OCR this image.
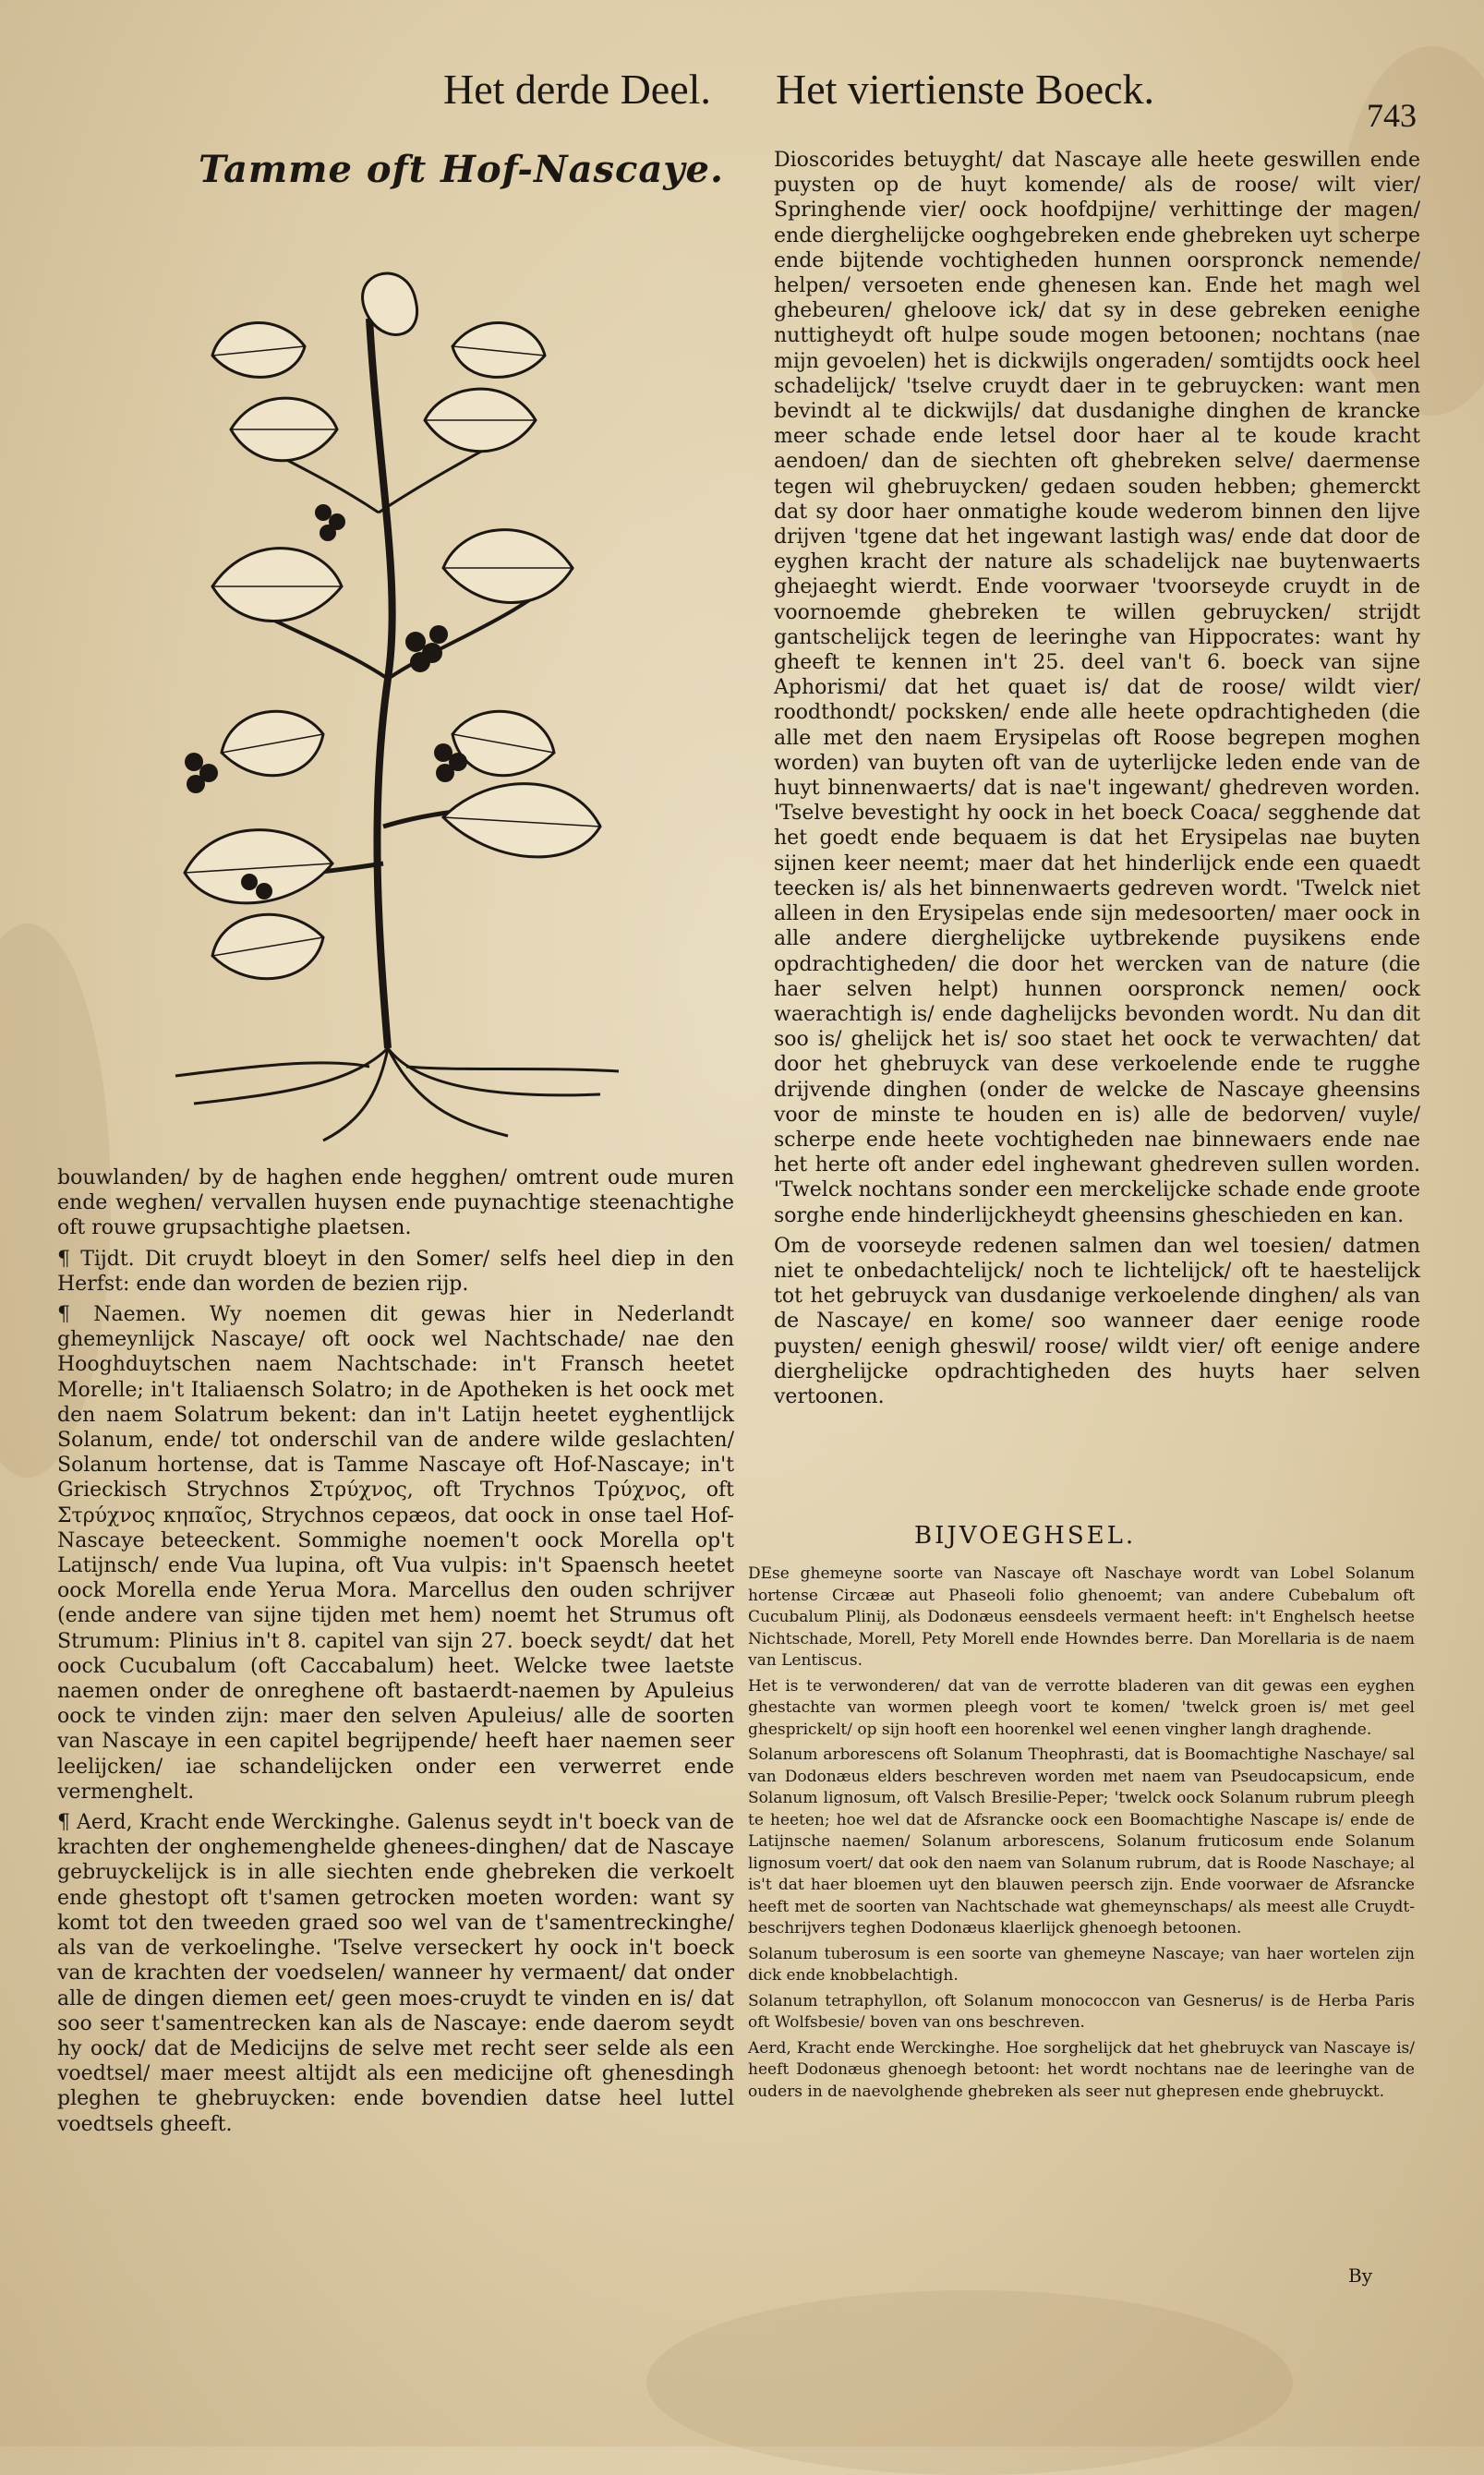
Het derde Deel. Het viertienste Boeck.
743
Tamme oft Hof-Nascaye. Dioscorides betuyght/ dat Nascaye alle heete geswillen ende puysten op de huyt komende/ als de roose/ wilt vier/ Springhende vier/ oock hoofdpijne/ verhittinge der magen/ ende dierghelijcke ooghgebreken ende ghebreken uyt scherpe ende bijtende vochtigheden hunnen oorspronck nemende/ helpen/ versoeten ende ghenesen kan. Ende het magh wel ghebeuren/ gheloove ick/ dat sy in dese gebreken eenighe nuttigheydt oft hulpe soude mogen betoonen; nochtans (nae mijn gevoelen) het is dickwijls ongeraden/ somtijdts oock heel schadelijck/ 'tselve cruydt daer in te gebruycken: want men bevindt al te dickwijls/ dat dusdanighe dinghen de krancke meer schade ende letsel door haer al te koude kracht aendoen/ dan de siechten oft ghebreken selve/ daermense tegen wil ghebruycken/ gedaen souden hebben; ghemerckt dat sy door haer onmatighe koude wederom binnen den lijve drijven 'tgene dat het ingewant lastigh was/ ende dat door de eyghen kracht der nature als schadelijck nae buytenwaerts ghejaeght wierdt. Ende voorwaer 'tvoorseyde cruydt in de voornoemde ghebreken te willen gebruycken/ strijdt gantschelijck tegen de leeringhe van Hippocrates: want hy gheeft te kennen in't 25. deel van't 6. boeck van sijne Aphorismi/ dat het quaet is/ dat de roose/ wildt vier/ roodthondt/ pocksken/ ende alle heete opdrachtigheden (die alle met den naem Erysipelas oft Roose begrepen moghen worden) van buyten oft van de uyterlijcke leden ende van de huyt binnenwaerts/ dat is nae't ingewant/ ghedreven worden. 'Tselve bevestight hy oock in het boeck Coaca/ segghende dat het goedt ende bequaem is dat het Erysipelas nae buyten sijnen keer neemt; maer dat het hinderlijck ende een quaedt teecken is/ als het binnenwaerts gedreven wordt. 'Twelck niet alleen in den Erysipelas ende sijn medesoorten/ maer oock in alle andere dierghelijcke uytbrekende puysikens ende opdrachtigheden/ die door het wercken van de nature (die haer selven helpt) hunnen oorspronck nemen/ oock waerachtigh is/ ende daghelijcks bevonden wordt. Nu dan dit soo is/ ghelijck het is/ soo staet het oock te verwachten/ dat door het ghebruyck van dese verkoelende ende te rugghe drijvende dinghen (onder de welcke de Nascaye gheensins voor de minste te houden en is) alle de bedorven/ vuyle/ scherpe ende heete vochtigheden nae binnewaers ende nae het herte oft ander edel inghewant ghedreven sullen worden. 'Twelck nochtans sonder een merckelijcke schade ende groote sorghe ende hinderlijckheydt gheensins gheschieden en kan.

Om de voorseyde redenen salmen dan wel toesien/ datmen niet te onbedachtelijck/ noch te lichtelijck/ oft te haestelijck tot het gebruyck van dusdanige verkoelende dinghen/ als van de Nascaye/ en kome/ soo wanneer daer eenige roode puysten/ eenigh gheswil/ roose/ wildt vier/ oft eenige andere dierghelijcke opdrachtigheden des huyts haer selven vertoonen.

BIJVOEGHSEL.

DEse ghemeyne soorte van Nascaye oft Naschaye wordt van Lobel Solanum hortense Circææ aut Phaseoli folio ghenoemt; van andere Cubebalum oft Cucubalum Plinij, als Dodonæus eensdeels vermaent heeft: in't Enghelsch heetse Nichtschade, Morell, Pety Morell ende Howndes berre. Dan Morellaria is de naem van Lentiscus.

Het is te verwonderen/ dat van de verrotte bladeren van dit gewas een eyghen ghestachte van wormen pleegh voort te komen/ 'twelck groen is/ met geel ghesprickelt/ op sijn hooft een hoorenkel wel eenen vingher langh draghende.

Solanum arborescens oft Solanum Theophrasti, dat is Boomachtighe Naschaye/ sal van Dodonæus elders beschreven worden met naem van Pseudocapsicum, ende Solanum lignosum, oft Valsch Bresilie-Peper; 'twelck oock Solanum rubrum pleegh te heeten; hoe wel dat de Afsrancke oock een Boomachtighe Nascape is/ ende de Latijnsche naemen/ Solanum arborescens, Solanum fruticosum ende Solanum lignosum voert/ dat ook den naem van Solanum rubrum, dat is Roode Naschaye; al is't dat haer bloemen uyt den blauwen peersch zijn. Ende voorwaer de Afsrancke heeft met de soorten van Nachtschade wat ghemeynschaps/ als meest alle Cruydt-beschrijvers teghen Dodonæus klaerlijck ghenoegh betoonen.

Solanum tuberosum is een soorte van ghemeyne Nascaye; van haer wortelen zijn dick ende knobbelachtigh.

Solanum tetraphyllon, oft Solanum monococcon van Gesnerus/ is de Herba Paris oft Wolfsbesie/ boven van ons beschreven.

Aerd, Kracht ende Werckinghe. Hoe sorghelijck dat het ghebruyck van Nascaye is/ heeft Dodonæus ghenoegh betoont: het wordt nochtans nae de leeringhe van de ouders in de naevolghende ghebreken als seer nut ghepresen ende ghebruyckt.

bouwlanden/ by de haghen ende hegghen/ omtrent oude muren ende weghen/ vervallen huysen ende puynachtige steenachtighe oft rouwe grupsachtighe plaetsen.

¶ Tijdt. Dit cruydt bloeyt in den Somer/ selfs heel diep in den Herfst: ende dan worden de bezien rijp.

¶ Naemen. Wy noemen dit gewas hier in Nederlandt ghemeynlijck Nascaye/ oft oock wel Nachtschade/ nae den Hooghduytschen naem Nachtschade: in't Fransch heetet Morelle; in't Italiaensch Solatro; in de Apotheken is het oock met den naem Solatrum bekent: dan in't Latijn heetet eyghentlijck Solanum, ende/ tot onderschil van de andere wilde geslachten/ Solanum hortense, dat is Tamme Nascaye oft Hof-Nascaye; in't Grieckisch Strychnos Στρύχνος, oft Trychnos Τρύχνος, oft Στρύχνος κηπαῖος, Strychnos cepæos, dat oock in onse tael Hof-Nascaye beteeckent. Sommighe noemen't oock Morella op't Latijnsch/ ende Vua lupina, oft Vua vulpis: in't Spaensch heetet oock Morella ende Yerua Mora. Marcellus den ouden schrijver (ende andere van sijne tijden met hem) noemt het Strumus oft Strumum: Plinius in't 8. capitel van sijn 27. boeck seydt/ dat het oock Cucubalum (oft Caccabalum) heet. Welcke twee laetste naemen onder de onreghene oft bastaerdt-naemen by Apuleius oock te vinden zijn: maer den selven Apuleius/ alle de soorten van Nascaye in een capitel begrijpende/ heeft haer naemen seer leelijcken/ iae schandelijcken onder een verwerret ende vermenghelt.

¶ Aerd, Kracht ende Werckinghe. Galenus seydt in't boeck van de krachten der onghemenghelde ghenees-dinghen/ dat de Nascaye gebruyckelijck is in alle siechten ende ghebreken die verkoelt ende ghestopt oft t'samen getrocken moeten worden: want sy komt tot den tweeden graed soo wel van de t'samentreckinghe/ als van de verkoelinghe. 'Tselve verseckert hy oock in't boeck van de krachten der voedselen/ wanneer hy vermaent/ dat onder alle de dingen diemen eet/ geen moes-cruydt te vinden en is/ dat soo seer t'samentrecken kan als de Nascaye: ende daerom seydt hy oock/ dat de Medicijns de selve met recht seer selde als een voedtsel/ maer meest altijdt als een medicijne oft ghenesdingh pleghen te ghebruycken: ende bovendien datse heel luttel voedtsels gheeft.

By
